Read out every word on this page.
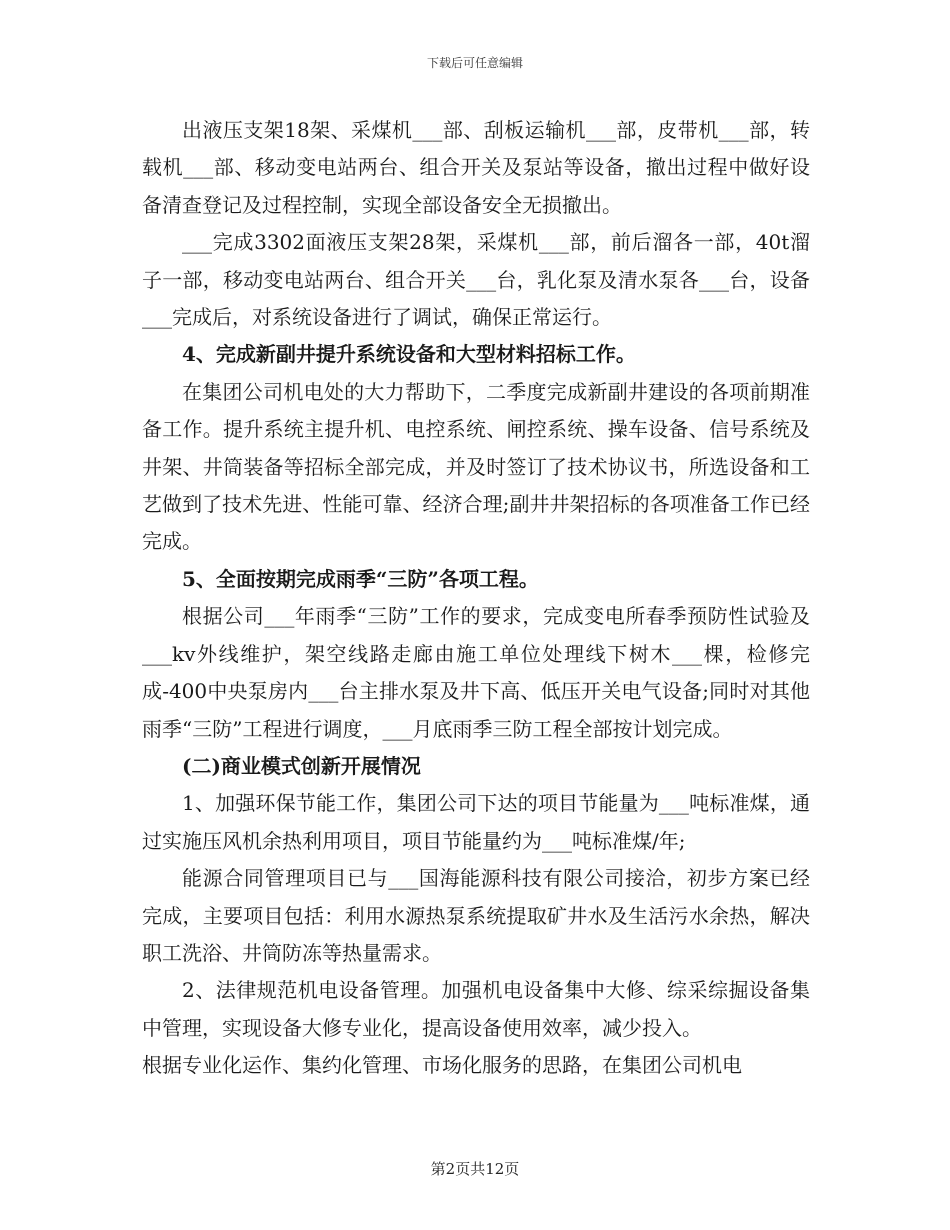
下载后可任意编辑

出液压支架18架、采煤机___部、刮板运输机___部，皮带机___部，转载机___部、移动变电站两台、组合开关及泵站等设备，撤出过程中做好设备清查登记及过程控制，实现全部设备安全无损撤出。

___完成3302面液压支架28架，采煤机___部，前后溜各一部，40t溜子一部，移动变电站两台、组合开关___台，乳化泵及清水泵各___台，设备___完成后，对系统设备进行了调试，确保正常运行。

4、完成新副井提升系统设备和大型材料招标工作。

在集团公司机电处的大力帮助下，二季度完成新副井建设的各项前期准备工作。提升系统主提升机、电控系统、闸控系统、操车设备、信号系统及井架、井筒装备等招标全部完成，并及时签订了技术协议书，所选设备和工艺做到了技术先进、性能可靠、经济合理;副井井架招标的各项准备工作已经完成。

5、全面按期完成雨季“三防”各项工程。

根据公司___年雨季“三防”工作的要求，完成变电所春季预防性试验及___kv外线维护，架空线路走廊由施工单位处理线下树木___棵，检修完成-400中央泵房内___台主排水泵及井下高、低压开关电气设备;同时对其他雨季“三防”工程进行调度，___月底雨季三防工程全部按计划完成。

(二)商业模式创新开展情况

1、加强环保节能工作，集团公司下达的项目节能量为___吨标准煤，通过实施压风机余热利用项目，项目节能量约为___吨标准煤/年;

能源合同管理项目已与___国海能源科技有限公司接洽，初步方案已经完成，主要项目包括：利用水源热泵系统提取矿井水及生活污水余热，解决职工洗浴、井筒防冻等热量需求。

2、法律规范机电设备管理。加强机电设备集中大修、综采综掘设备集中管理，实现设备大修专业化，提高设备使用效率，减少投入。

根据专业化运作、集约化管理、市场化服务的思路，在集团公司机电

第2页共12页
